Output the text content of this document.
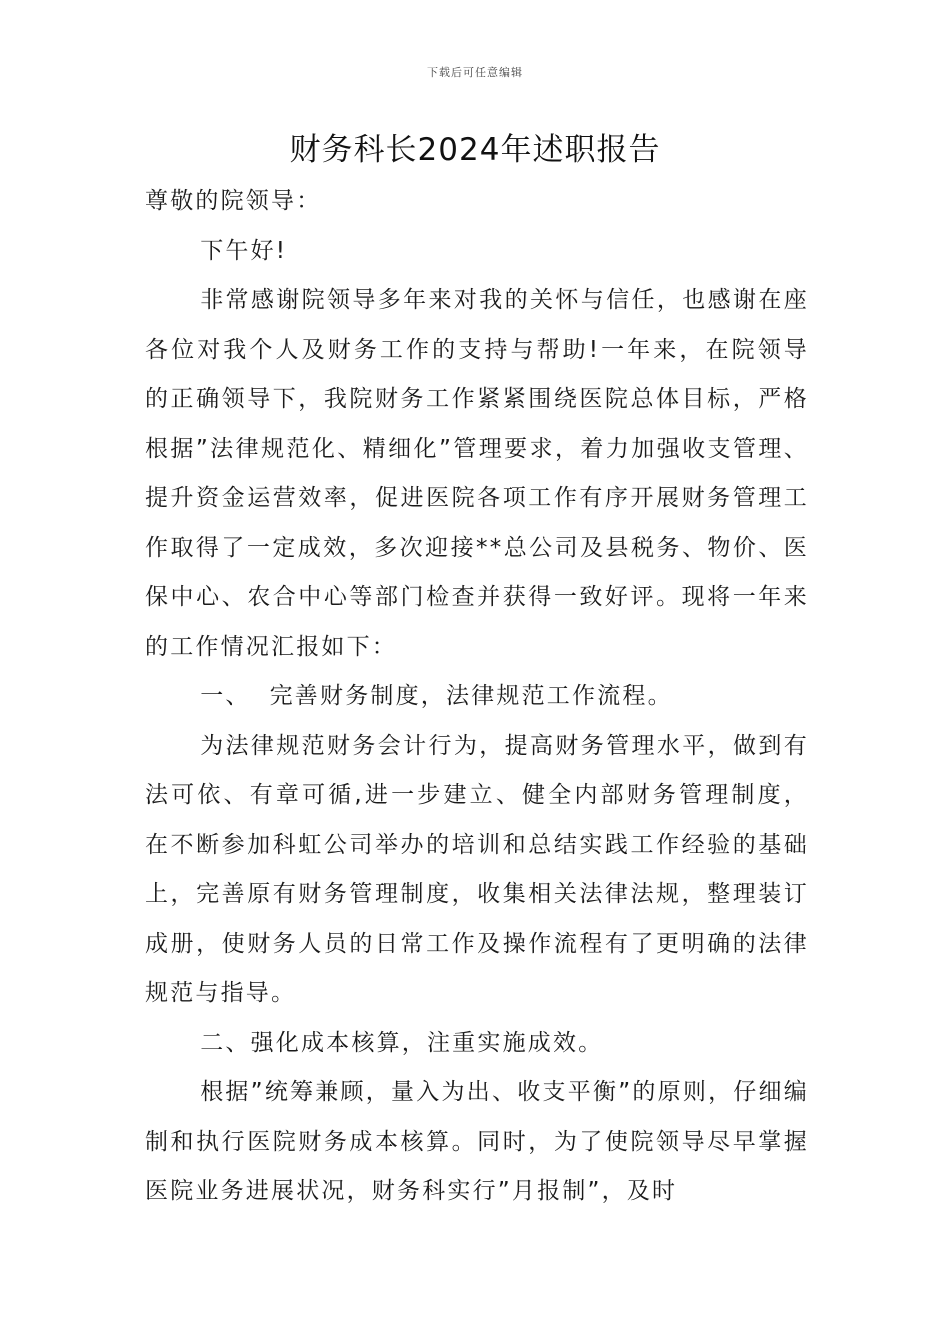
下载后可任意编辑
财务科长2024年述职报告

尊敬的院领导：

下午好!

非常感谢院领导多年来对我的关怀与信任，也感谢在座各位对我个人及财务工作的支持与帮助!一年来，在院领导的正确领导下，我院财务工作紧紧围绕医院总体目标，严格根据”法律规范化、精细化”管理要求，着力加强收支管理、提升资金运营效率，促进医院各项工作有序开展财务管理工作取得了一定成效，多次迎接**总公司及县税务、物价、医保中心、农合中心等部门检查并获得一致好评。现将一年来的工作情况汇报如下：

一、  完善财务制度，法律规范工作流程。

为法律规范财务会计行为，提高财务管理水平，做到有法可依、有章可循,进一步建立、健全内部财务管理制度，在不断参加科虹公司举办的培训和总结实践工作经验的基础上，完善原有财务管理制度，收集相关法律法规，整理装订成册，使财务人员的日常工作及操作流程有了更明确的法律规范与指导。

二、强化成本核算，注重实施成效。

根据”统筹兼顾，量入为出、收支平衡”的原则，仔细编制和执行医院财务成本核算。同时，为了使院领导尽早掌握医院业务进展状况，财务科实行”月报制”，及时
